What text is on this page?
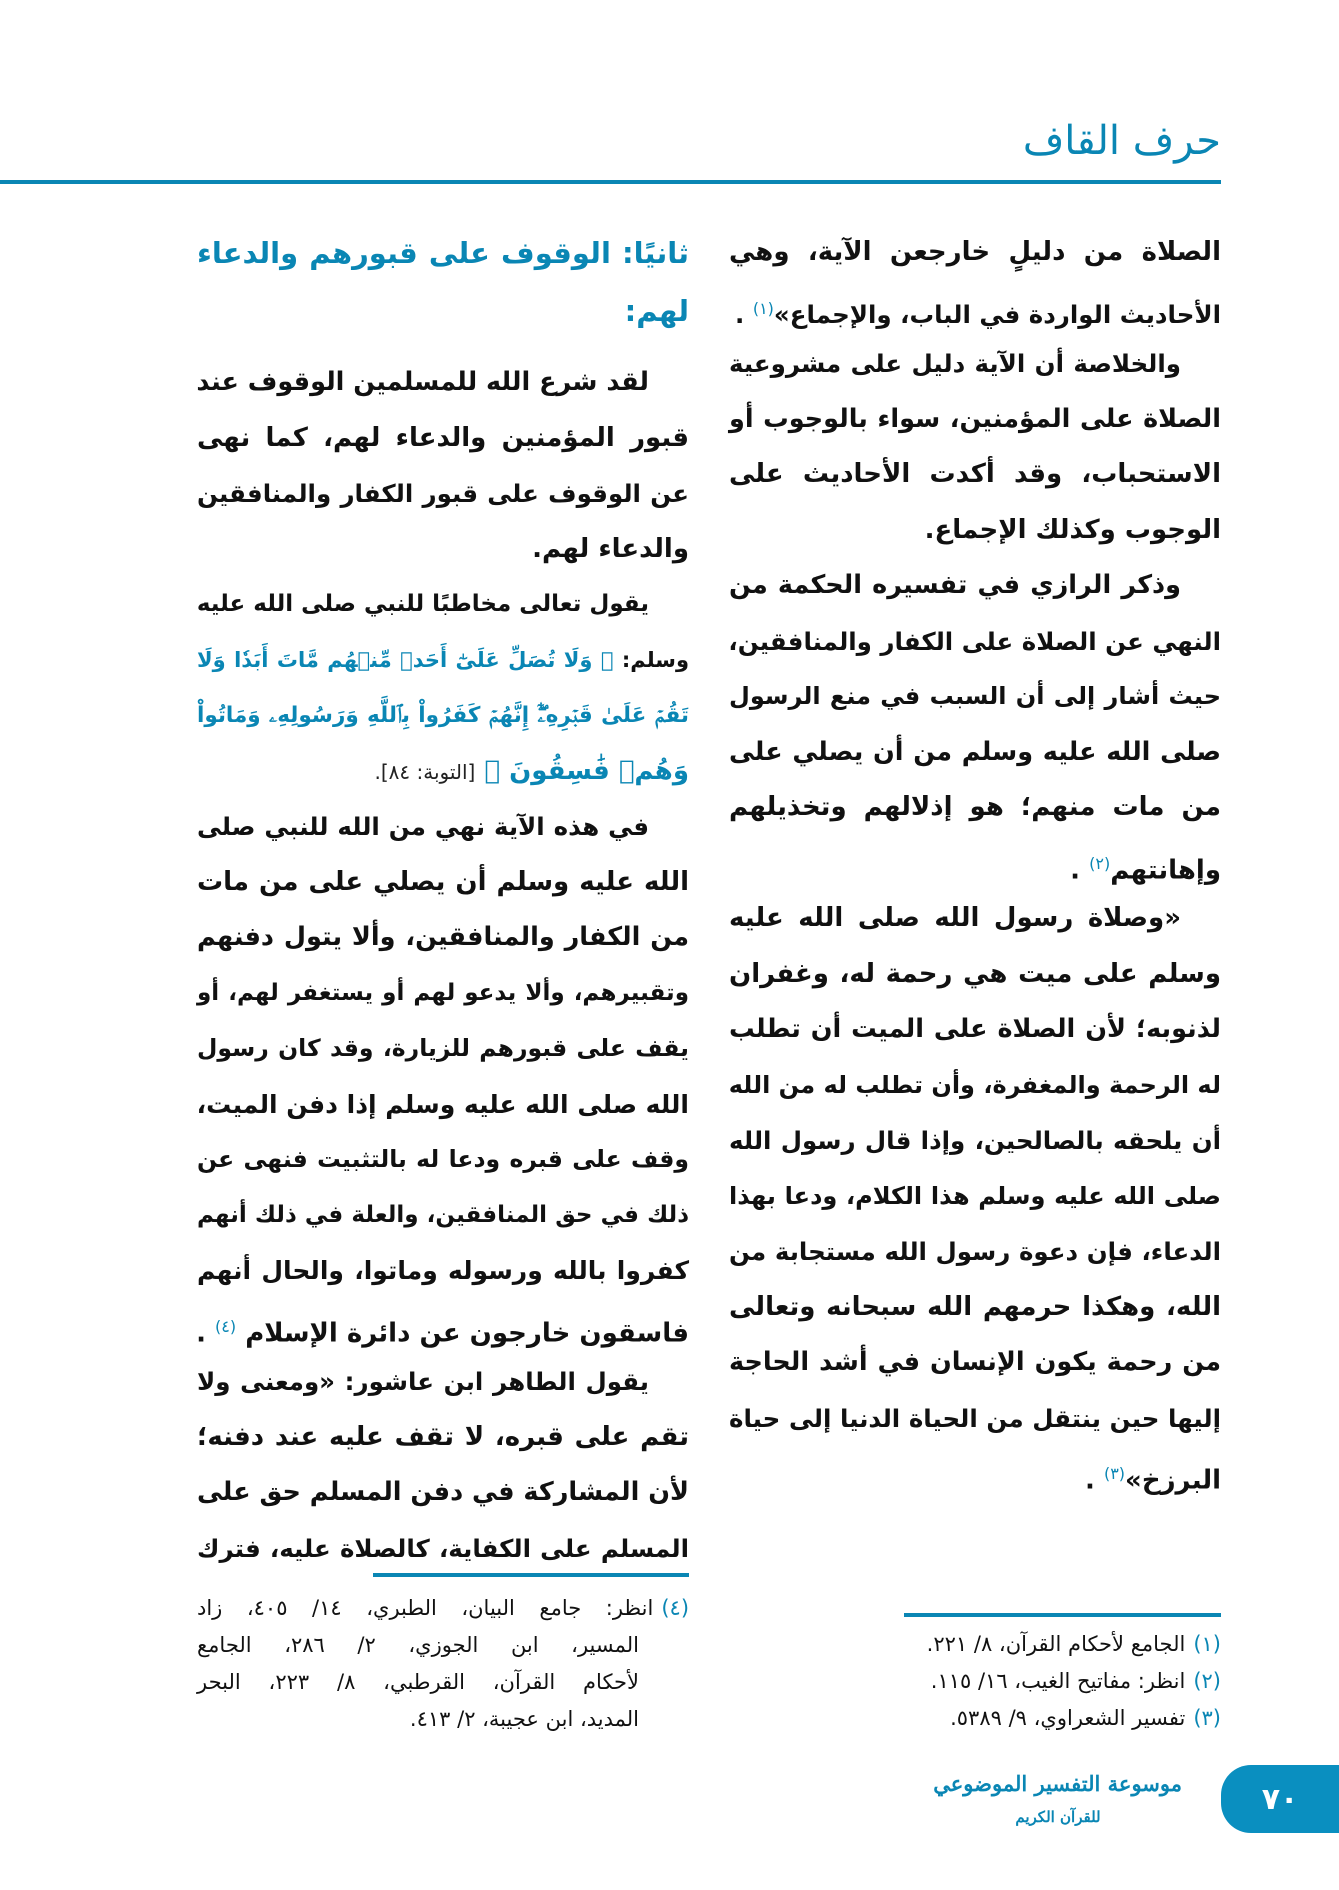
حرف القاف
الصلاة من دليلٍ خارجعن الآية، وهي
الأحاديث الواردة في الباب، والإجماع»$^{(١)}$ .
والخلاصة أن الآية دليل على مشروعية
الصلاة على المؤمنين، سواء بالوجوب أو
الاستحباب، وقد أكدت الأحاديث على
الوجوب وكذلك الإجماع.
وذكر الرازي في تفسيره الحكمة من
النهي عن الصلاة على الكفار والمنافقين،
حيث أشار إلى أن السبب في منع الرسول
صلى الله عليه وسلم من أن يصلي على
من مات منهم؛ هو إذلالهم وتخذيلهم
وإهانتهم$^{(٢)}$ .
«وصلاة رسول الله صلى الله عليه
وسلم على ميت هي رحمة له، وغفران
لذنوبه؛ لأن الصلاة على الميت أن تطلب
له الرحمة والمغفرة، وأن تطلب له من الله
أن يلحقه بالصالحين، وإذا قال رسول الله
صلى الله عليه وسلم هذا الكلام، ودعا بهذا
الدعاء، فإن دعوة رسول الله مستجابة من
الله، وهكذا حرمهم الله سبحانه وتعالى
من رحمة يكون الإنسان في أشد الحاجة
إليها حين ينتقل من الحياة الدنيا إلى حياة
البرزخ»$^{(٣)}$ .
ثانيًا: الوقوف على قبورهم والدعاء
لهم:
لقد شرع الله للمسلمين الوقوف عند
قبور المؤمنين والدعاء لهم، كما نهى
عن الوقوف على قبور الكفار والمنافقين
والدعاء لهم.
يقول تعالى مخاطبًا للنبي صلى الله عليه
وسلم: ﴿ وَلَا تُصَلِّ عَلَىٰٓ أَحَدٖ مِّنۡهُم مَّاتَ أَبَدٗا وَلَا
تَقُمۡ عَلَىٰ قَبۡرِهِۦٓۖ إِنَّهُمۡ كَفَرُواْ بِٱللَّهِ وَرَسُولِهِۦ وَمَاتُواْ
وَهُمۡ فَٰسِقُونَ ﴾ [التوبة: ٨٤].
في هذه الآية نهي من الله للنبي صلى
الله عليه وسلم أن يصلي على من مات
من الكفار والمنافقين، وألا يتول دفنهم
وتقبيرهم، وألا يدعو لهم أو يستغفر لهم، أو
يقف على قبورهم للزيارة، وقد كان رسول
الله صلى الله عليه وسلم إذا دفن الميت،
وقف على قبره ودعا له بالتثبيت فنهى عن
ذلك في حق المنافقين، والعلة في ذلك أنهم
كفروا بالله ورسوله وماتوا، والحال أنهم
فاسقون خارجون عن دائرة الإسلام $^{(٤)}$ .
يقول الطاهر ابن عاشور: «ومعنى ولا
تقم على قبره، لا تقف عليه عند دفنه؛
لأن المشاركة في دفن المسلم حق على
المسلم على الكفاية، كالصلاة عليه، فترك
(٤)انظر: جامع البيان، الطبري، ١٤/ ٤٠٥، زاد
المسير، ابن الجوزي، ٢/ ٢٨٦، الجامع
لأحكام القرآن، القرطبي، ٨/ ٢٢٣، البحر
المديد، ابن عجيبة، ٢/ ٤١٣.
(١)الجامع لأحكام القرآن، ٨/ ٢٢١.
(٢)انظر: مفاتيح الغيب، ١٦/ ١١٥.
(٣)تفسير الشعراوي، ٩/ ٥٣٨٩.
موسوعة التفسير الموضوعي
للقرآن الكريم
٧٠
